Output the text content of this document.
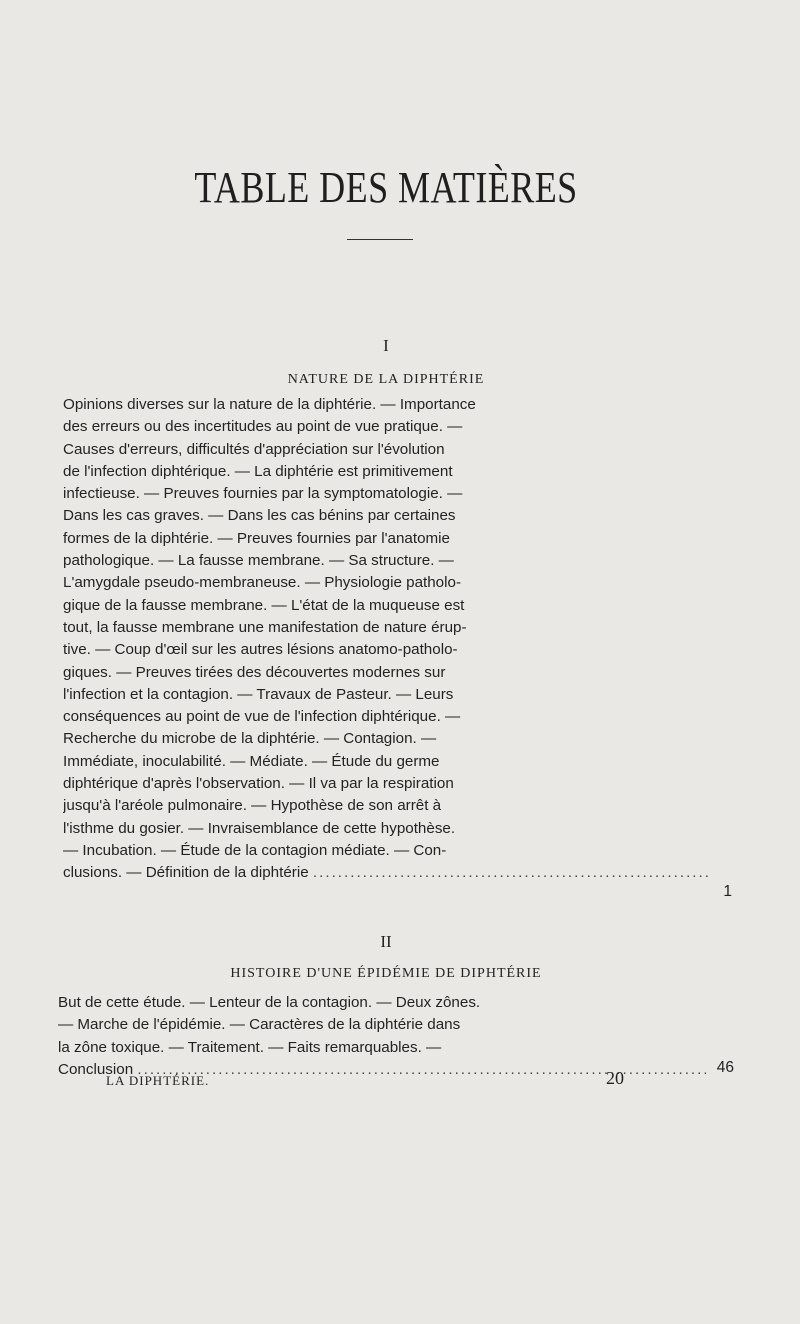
TABLE DES MATIÈRES
I
NATURE DE LA DIPHTÉRIE
Opinions diverses sur la nature de la diphtérie. — Importance
des erreurs ou des incertitudes au point de vue pratique. —
Causes d'erreurs, difficultés d'appréciation sur l'évolution
de l'infection diphtérique. — La diphtérie est primitivement
infectieuse. — Preuves fournies par la symptomatologie. —
Dans les cas graves. — Dans les cas bénins par certaines
formes de la diphtérie. — Preuves fournies par l'anatomie
pathologique. — La fausse membrane. — Sa structure. —
L'amygdale pseudo-membraneuse. — Physiologie patholo-
gique de la fausse membrane. — L'état de la muqueuse est
tout, la fausse membrane une manifestation de nature érup-
tive. — Coup d'œil sur les autres lésions anatomo-patholo-
giques. — Preuves tirées des découvertes modernes sur
l'infection et la contagion. — Travaux de Pasteur. — Leurs
conséquences au point de vue de l'infection diphtérique. —
Recherche du microbe de la diphtérie. — Contagion. —
Immédiate, inoculabilité. — Médiate. — Étude du germe
diphtérique d'après l'observation. — Il va par la respiration
jusqu'à l'aréole pulmonaire. — Hypothèse de son arrêt à
l'isthme du gosier. — Invraisemblance de cette hypothèse.
— Incubation. — Étude de la contagion médiate. — Con-
clusions. — Définition de la diphtérie .....
1
II
HISTOIRE D'UNE ÉPIDÉMIE DE DIPHTÉRIE
But de cette étude. — Lenteur de la contagion. — Deux zônes.
— Marche de l'épidémie. — Caractères de la diphtérie dans
la zône toxique. — Traitement. — Faits remarquables. —
Conclusion .....	46
LA DIPHTÉRIE.	20
